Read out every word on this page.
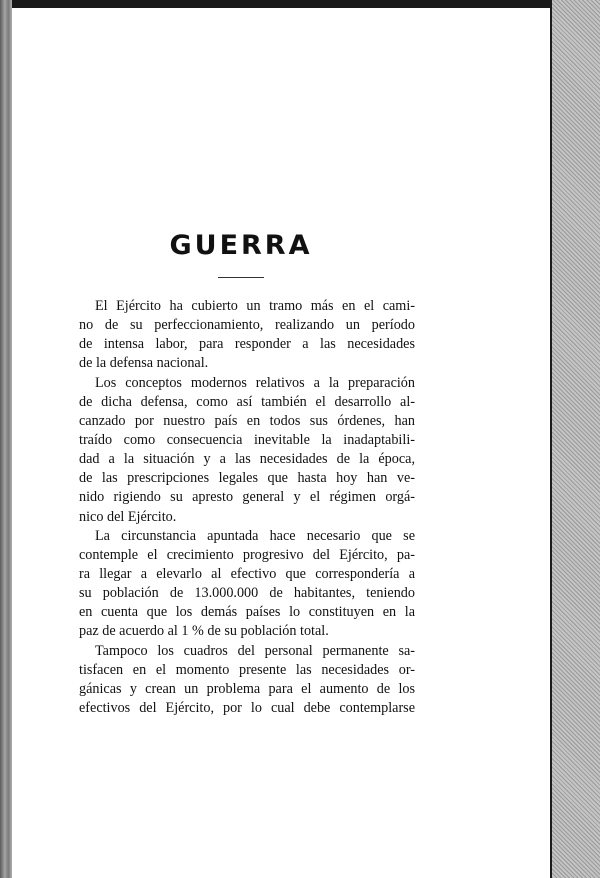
GUERRA
El Ejército ha cubierto un tramo más en el cami-
no de su perfeccionamiento, realizando un período
de intensa labor, para responder a las necesidades
de la defensa nacional.
Los conceptos modernos relativos a la preparación
de dicha defensa, como así también el desarrollo al-
canzado por nuestro país en todos sus órdenes, han
traído como consecuencia inevitable la inadaptabili-
dad a la situación y a las necesidades de la época,
de las prescripciones legales que hasta hoy han ve-
nido rigiendo su apresto general y el régimen orgá-
nico del Ejército.
La circunstancia apuntada hace necesario que se
contemple el crecimiento progresivo del Ejército, pa-
ra llegar a elevarlo al efectivo que correspondería a
su población de 13.000.000 de habitantes, teniendo
en cuenta que los demás países lo constituyen en la
paz de acuerdo al 1 % de su población total.
Tampoco los cuadros del personal permanente sa-
tisfacen en el momento presente las necesidades or-
gánicas y crean un problema para el aumento de los
efectivos del Ejército, por lo cual debe contemplarse
